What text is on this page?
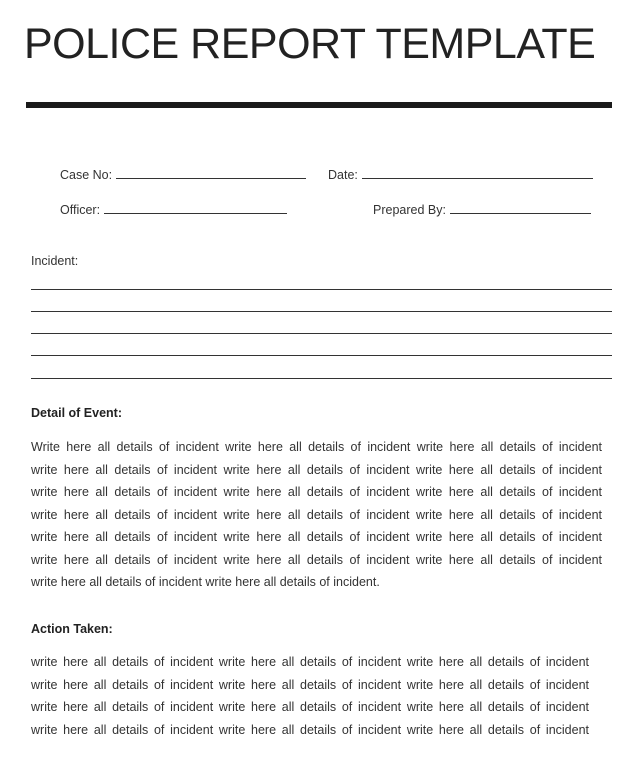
POLICE REPORT TEMPLATE
Case No:	Date:
Officer:	Prepared By:
Incident:
Detail of Event:
Write here all details of incident write here all details of incident write here all details of incident
write here all details of incident write here all details of incident write here all details of incident
write here all details of incident write here all details of incident write here all details of incident
write here all details of incident write here all details of incident write here all details of incident
write here all details of incident write here all details of incident write here all details of incident
write here all details of incident write here all details of incident write here all details of incident
write here all details of incident write here all details of incident.
Action Taken:
write here all details of incident write here all details of incident write here all details of incident
write here all details of incident write here all details of incident write here all details of incident
write here all details of incident write here all details of incident write here all details of incident
write here all details of incident write here all details of incident write here all details of incident
